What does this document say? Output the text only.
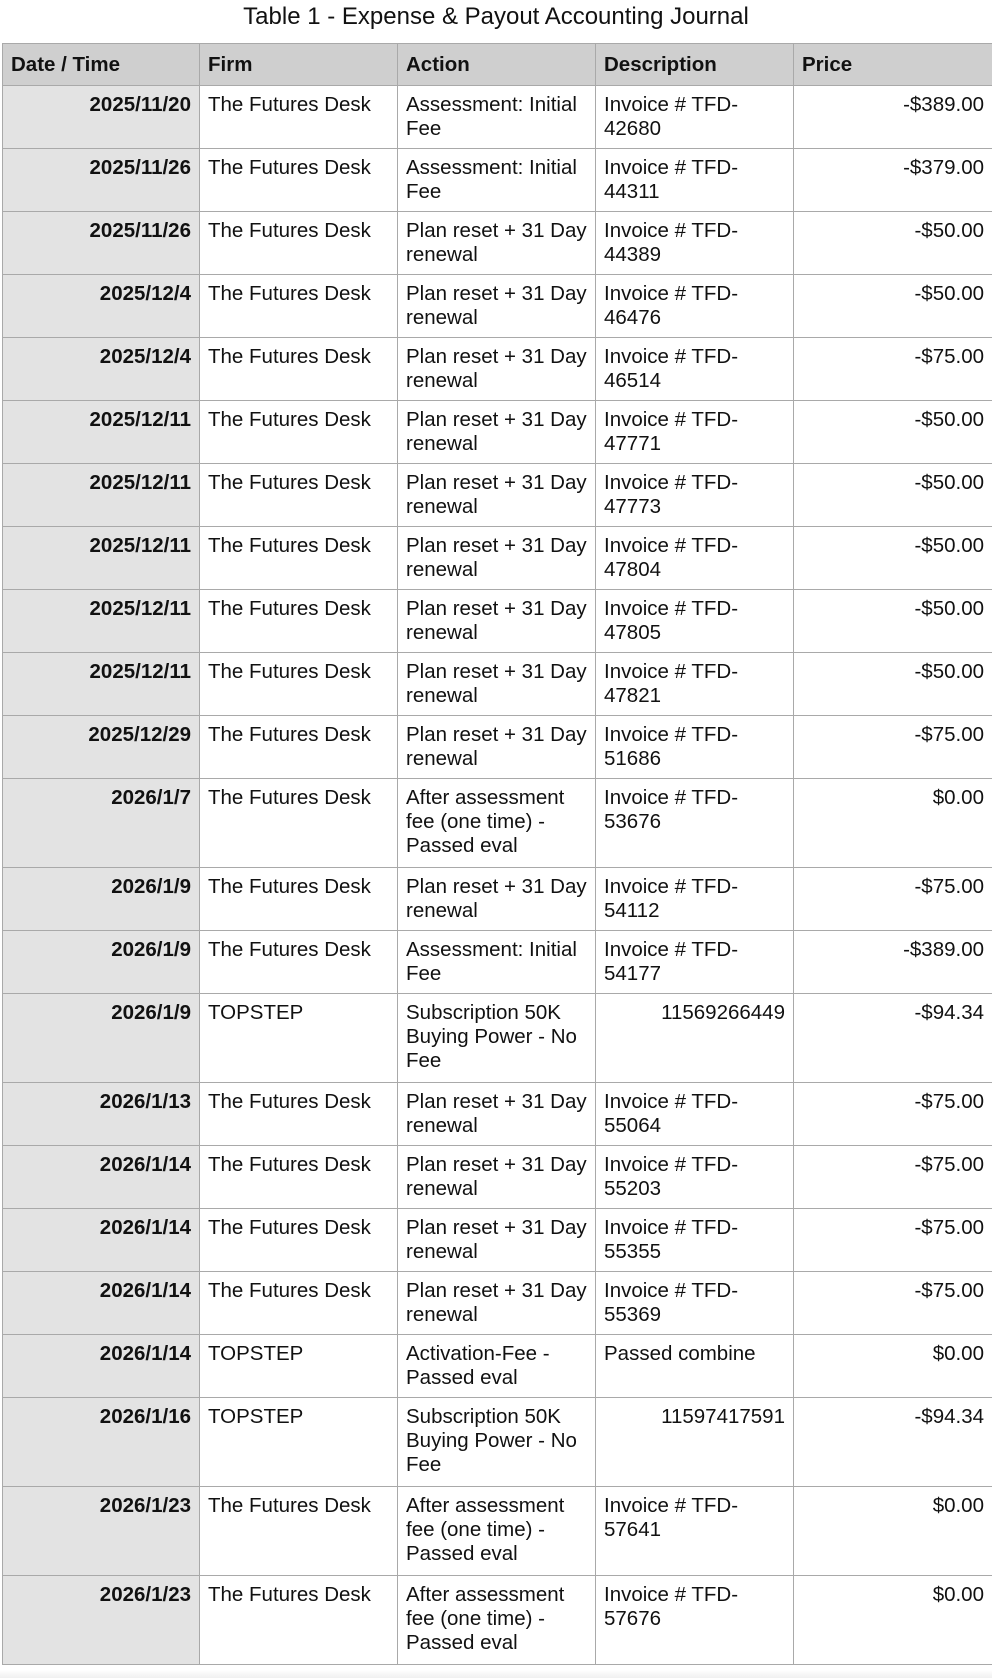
Table 1 - Expense & Payout Accounting Journal
Date / Time	Firm	Action	Description	Price
2025/11/20	The Futures Desk	Assessment: Initial Fee	Invoice # TFD-42680	-$389.00
2025/11/26	The Futures Desk	Assessment: Initial Fee	Invoice # TFD-44311	-$379.00
2025/11/26	The Futures Desk	Plan reset + 31 Day renewal	Invoice # TFD-44389	-$50.00
2025/12/4	The Futures Desk	Plan reset + 31 Day renewal	Invoice # TFD-46476	-$50.00
2025/12/4	The Futures Desk	Plan reset + 31 Day renewal	Invoice # TFD-46514	-$75.00
2025/12/11	The Futures Desk	Plan reset + 31 Day renewal	Invoice # TFD-47771	-$50.00
2025/12/11	The Futures Desk	Plan reset + 31 Day renewal	Invoice # TFD-47773	-$50.00
2025/12/11	The Futures Desk	Plan reset + 31 Day renewal	Invoice # TFD-47804	-$50.00
2025/12/11	The Futures Desk	Plan reset + 31 Day renewal	Invoice # TFD-47805	-$50.00
2025/12/11	The Futures Desk	Plan reset + 31 Day renewal	Invoice # TFD-47821	-$50.00
2025/12/29	The Futures Desk	Plan reset + 31 Day renewal	Invoice # TFD-51686	-$75.00
2026/1/7	The Futures Desk	After assessment fee (one time) - Passed eval	Invoice # TFD-53676	$0.00
2026/1/9	The Futures Desk	Plan reset + 31 Day renewal	Invoice # TFD-54112	-$75.00
2026/1/9	The Futures Desk	Assessment: Initial Fee	Invoice # TFD-54177	-$389.00
2026/1/9	TOPSTEP	Subscription 50K Buying Power - No Fee	11569266449	-$94.34
2026/1/13	The Futures Desk	Plan reset + 31 Day renewal	Invoice # TFD-55064	-$75.00
2026/1/14	The Futures Desk	Plan reset + 31 Day renewal	Invoice # TFD-55203	-$75.00
2026/1/14	The Futures Desk	Plan reset + 31 Day renewal	Invoice # TFD-55355	-$75.00
2026/1/14	The Futures Desk	Plan reset + 31 Day renewal	Invoice # TFD-55369	-$75.00
2026/1/14	TOPSTEP	Activation-Fee - Passed eval	Passed combine	$0.00
2026/1/16	TOPSTEP	Subscription 50K Buying Power - No Fee	11597417591	-$94.34
2026/1/23	The Futures Desk	After assessment fee (one time) - Passed eval	Invoice # TFD-57641	$0.00
2026/1/23	The Futures Desk	After assessment fee (one time) - Passed eval	Invoice # TFD-57676	$0.00
